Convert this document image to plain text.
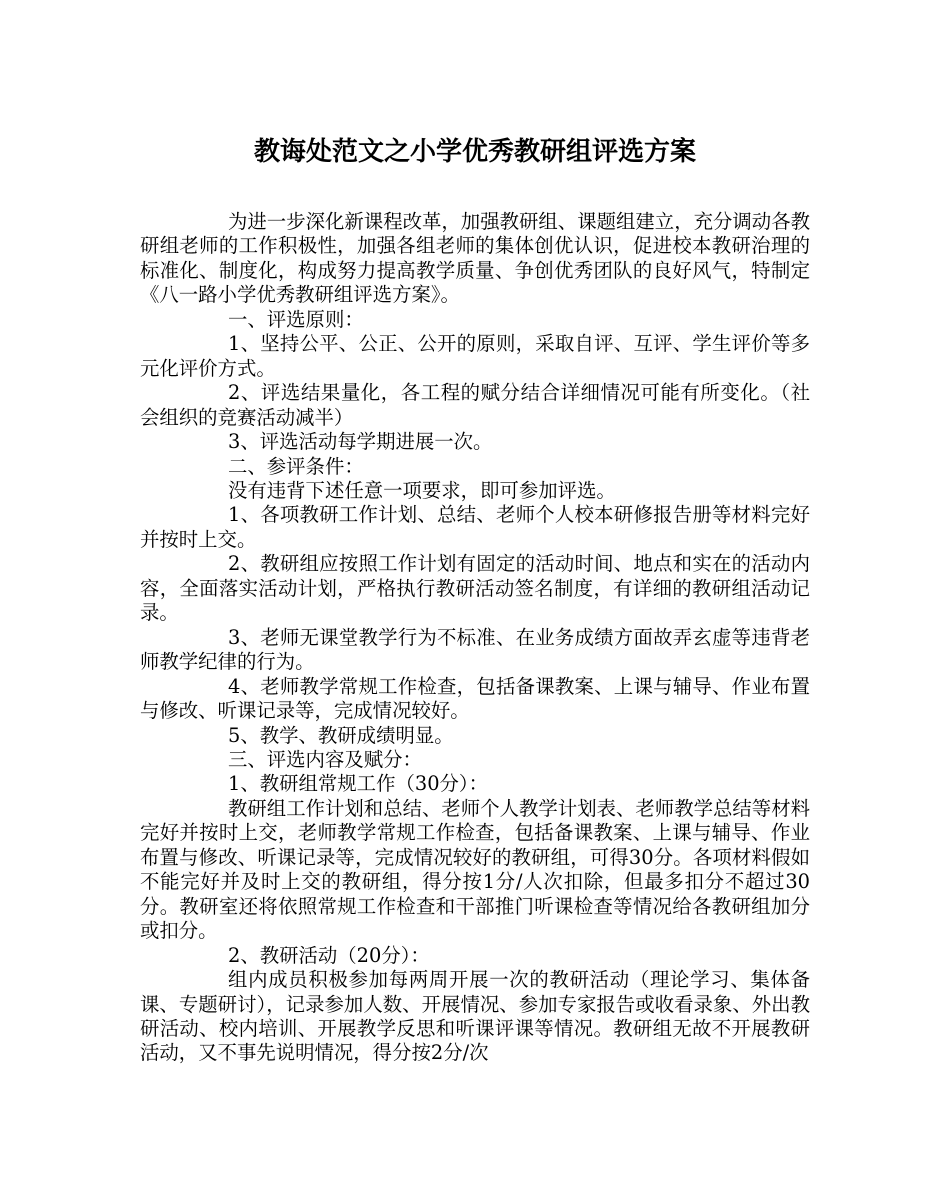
教诲处范文之小学优秀教研组评选方案

为进一步深化新课程改革，加强教研组、课题组建立，充分调动各教研组老师的工作积极性，加强各组老师的集体创优认识，促进校本教研治理的标准化、制度化，构成努力提高教学质量、争创优秀团队的良好风气，特制定《八一路小学优秀教研组评选方案》。

一、评选原则：

1、坚持公平、公正、公开的原则，采取自评、互评、学生评价等多元化评价方式。

2、评选结果量化，各工程的赋分结合详细情况可能有所变化。（社会组织的竞赛活动减半）

3、评选活动每学期进展一次。

二、参评条件：

没有违背下述任意一项要求，即可参加评选。

1、各项教研工作计划、总结、老师个人校本研修报告册等材料完好并按时上交。

2、教研组应按照工作计划有固定的活动时间、地点和实在的活动内容，全面落实活动计划，严格执行教研活动签名制度，有详细的教研组活动记录。

3、老师无课堂教学行为不标准、在业务成绩方面故弄玄虚等违背老师教学纪律的行为。

4、老师教学常规工作检查，包括备课教案、上课与辅导、作业布置与修改、听课记录等，完成情况较好。

5、教学、教研成绩明显。

三、评选内容及赋分：

1、教研组常规工作（30分）：

教研组工作计划和总结、老师个人教学计划表、老师教学总结等材料完好并按时上交，老师教学常规工作检查，包括备课教案、上课与辅导、作业布置与修改、听课记录等，完成情况较好的教研组，可得30分。各项材料假如不能完好并及时上交的教研组，得分按1分/人次扣除，但最多扣分不超过30分。教研室还将依照常规工作检查和干部推门听课检查等情况给各教研组加分或扣分。

2、教研活动（20分）：

组内成员积极参加每两周开展一次的教研活动（理论学习、集体备课、专题研讨），记录参加人数、开展情况、参加专家报告或收看录象、外出教研活动、校内培训、开展教学反思和听课评课等情况。教研组无故不开展教研活动，又不事先说明情况，得分按2分/次
